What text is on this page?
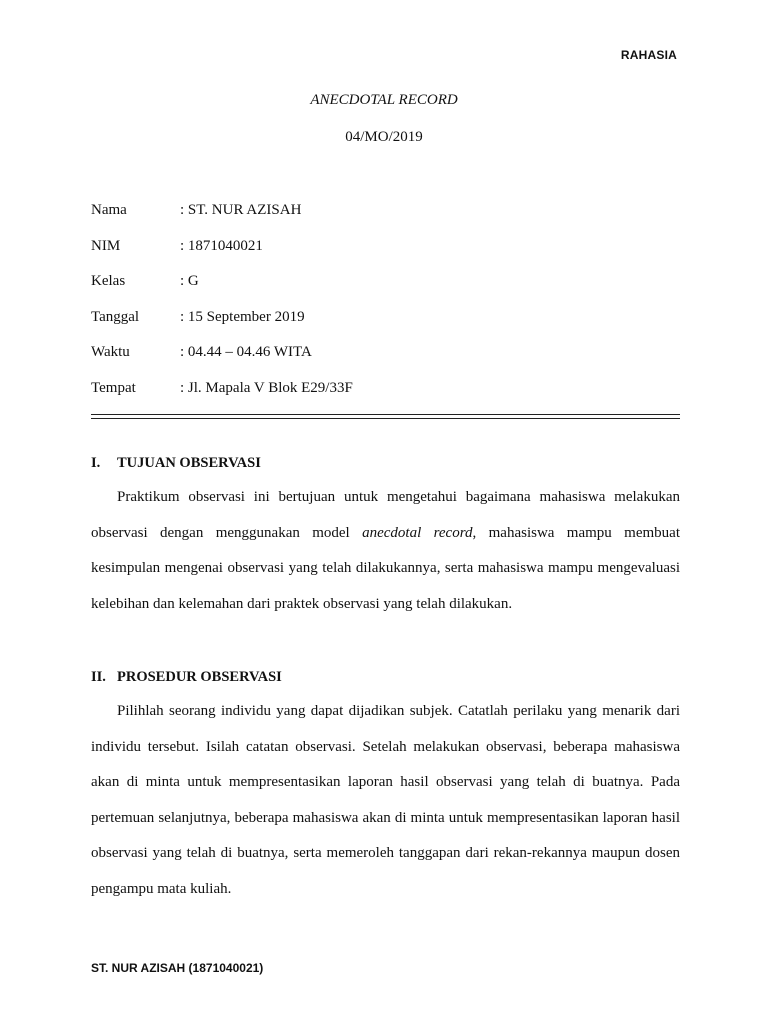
RAHASIA
ANECDOTAL RECORD
04/MO/2019
Nama	: ST. NUR AZISAH
NIM	: 1871040021
Kelas	: G
Tanggal	: 15 September 2019
Waktu	: 04.44 – 04.46 WITA
Tempat	: Jl. Mapala V Blok E29/33F
I. TUJUAN OBSERVASI
Praktikum observasi ini bertujuan untuk mengetahui bagaimana mahasiswa melakukan observasi dengan menggunakan model anecdotal record, mahasiswa mampu membuat kesimpulan mengenai observasi yang telah dilakukannya, serta mahasiswa mampu mengevaluasi kelebihan dan kelemahan dari praktek observasi yang telah dilakukan.
II. PROSEDUR OBSERVASI
Pilihlah seorang individu yang dapat dijadikan subjek. Catatlah perilaku yang menarik dari individu tersebut. Isilah catatan observasi. Setelah melakukan observasi, beberapa mahasiswa akan di minta untuk mempresentasikan laporan hasil observasi yang telah di buatnya. Pada pertemuan selanjutnya, beberapa mahasiswa akan di minta untuk mempresentasikan laporan hasil observasi yang telah di buatnya, serta memeroleh tanggapan dari rekan-rekannya maupun dosen pengampu mata kuliah.
ST. NUR AZISAH (1871040021)
